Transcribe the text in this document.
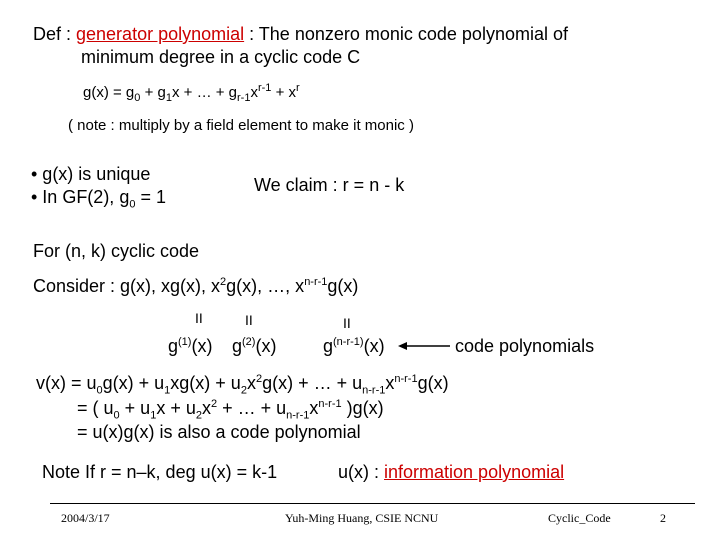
Def : generator polynomial : The nonzero monic code polynomial of
minimum degree in a cyclic code C
$g(x) = g_0 + g_1x$ + … + $g_{r-1}x^{r-1} + x^r$
( note : multiply by a field element to make it monic )
• g(x) is unique
• In GF(2), $g_0 = 1$
We claim : r = n - k
For (n, k) cyclic code
Consider : g(x), xg(x), $x^2g(x)$, …, $x^{n-r-1}g(x)$
II	II	II
$g^{(1)}(x)$ $g^{(2)}(x)$	$g^{(n-r-1)}(x)$	code polynomials
$v(x) = u_0g(x) + u_1xg(x) + u_2x^2g(x)$ + … + $u_{n-r-1}x^{n-r-1}g(x)$
= ( $u_0 + u_1x + u_2x^2$ + … + $u_{n-r-1}x^{n-r-1}$ )g(x)
= u(x)g(x) is also a code polynomial
Note If r = n–k, deg u(x) = k-1	u(x) : information polynomial
2004/3/17	Yuh-Ming Huang, CSIE NCNU	Cyclic_Code	2
